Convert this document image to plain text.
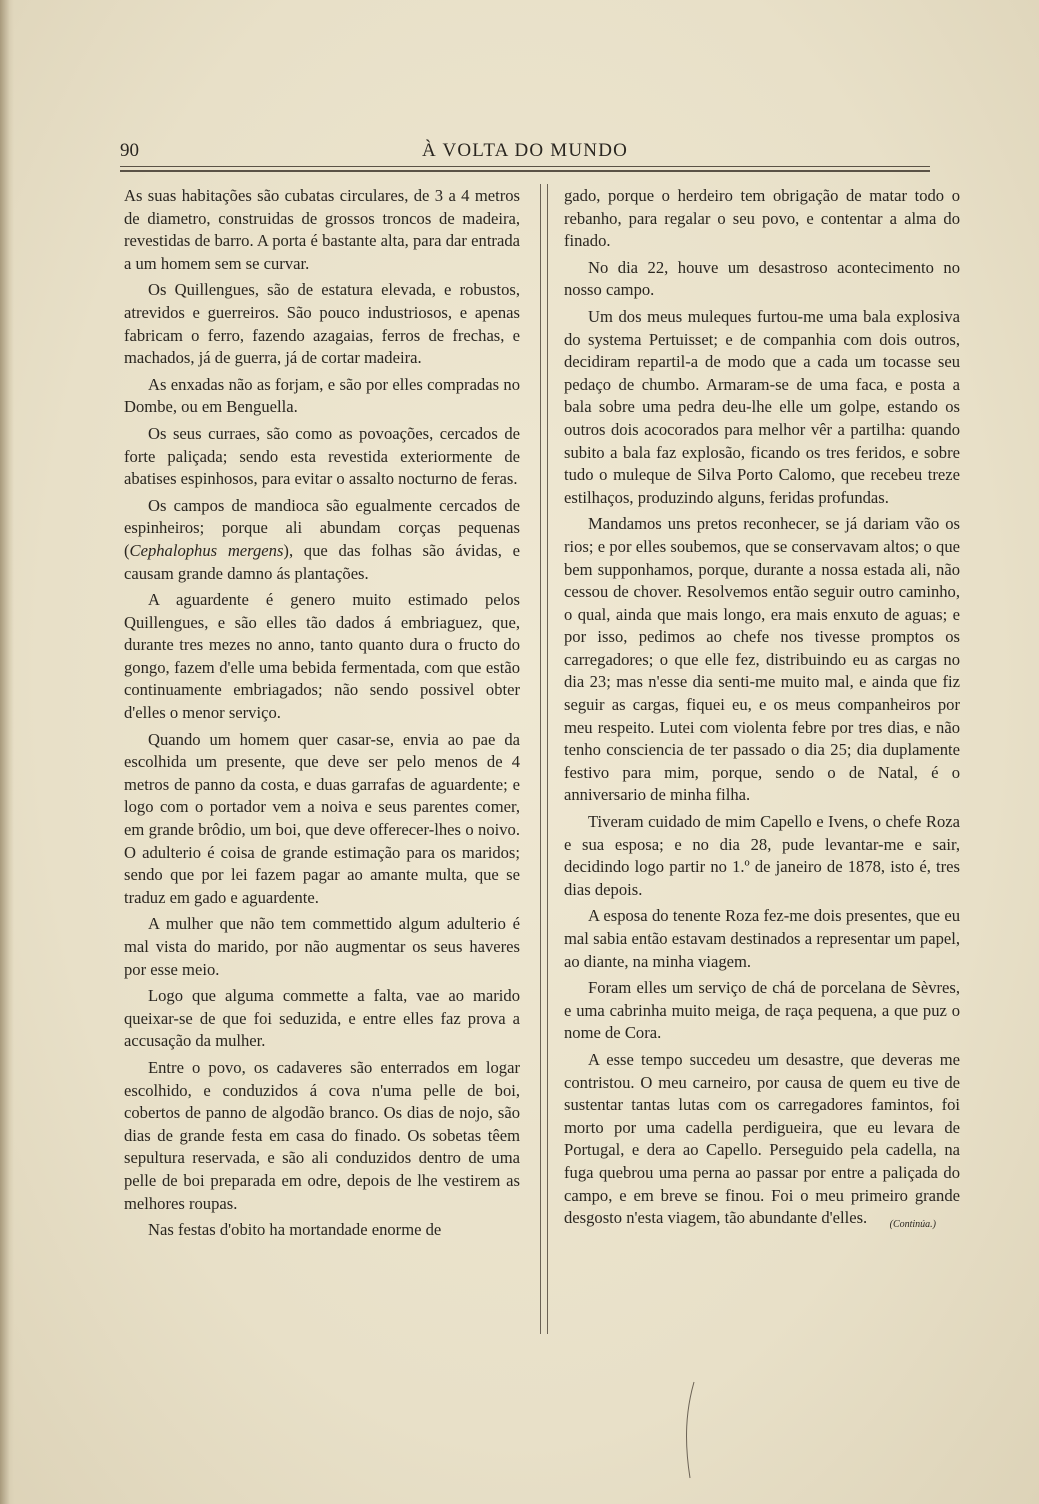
90	À VOLTA DO MUNDO

As suas habitações são cubatas circulares, de 3 a 4 metros de diametro, construidas de grossos troncos de madeira, revestidas de barro. A porta é bastante alta, para dar entrada a um homem sem se curvar.

Os Quillengues, são de estatura elevada, e robustos, atrevidos e guerreiros. São pouco industriosos, e apenas fabricam o ferro, fazendo azagaias, ferros de frechas, e machados, já de guerra, já de cortar madeira.

As enxadas não as forjam, e são por elles compradas no Dombe, ou em Benguella.

Os seus curraes, são como as povoações, cercados de forte paliçada; sendo esta revestida exteriormente de abatises espinhosos, para evitar o assalto nocturno de feras.

Os campos de mandioca são egualmente cercados de espinheiros; porque ali abundam corças pequenas (Cephalophus mergens), que das folhas são ávidas, e causam grande damno ás plantações.

A aguardente é genero muito estimado pelos Quillengues, e são elles tão dados á embriaguez, que, durante tres mezes no anno, tanto quanto dura o fructo do gongo, fazem d'elle uma bebida fermentada, com que estão continuamente embriagados; não sendo possivel obter d'elles o menor serviço.

Quando um homem quer casar-se, envia ao pae da escolhida um presente, que deve ser pelo menos de 4 metros de panno da costa, e duas garrafas de aguardente; e logo com o portador vem a noiva e seus parentes comer, em grande brôdio, um boi, que deve offerecer-lhes o noivo. O adulterio é coisa de grande estimação para os maridos; sendo que por lei fazem pagar ao amante multa, que se traduz em gado e aguardente.

A mulher que não tem commettido algum adulterio é mal vista do marido, por não augmentar os seus haveres por esse meio.

Logo que alguma commette a falta, vae ao marido queixar-se de que foi seduzida, e entre elles faz prova a accusação da mulher.

Entre o povo, os cadaveres são enterrados em logar escolhido, e conduzidos á cova n'uma pelle de boi, cobertos de panno de algodão branco. Os dias de nojo, são dias de grande festa em casa do finado. Os sobetas têem sepultura reservada, e são ali conduzidos dentro de uma pelle de boi preparada em odre, depois de lhe vestirem as melhores roupas.

Nas festas d'obito ha mortandade enorme de

gado, porque o herdeiro tem obrigação de matar todo o rebanho, para regalar o seu povo, e contentar a alma do finado.

No dia 22, houve um desastroso acontecimento no nosso campo.

Um dos meus muleques furtou-me uma bala explosiva do systema Pertuisset; e de companhia com dois outros, decidiram repartil-a de modo que a cada um tocasse seu pedaço de chumbo. Armaram-se de uma faca, e posta a bala sobre uma pedra deu-lhe elle um golpe, estando os outros dois acocorados para melhor vêr a partilha: quando subito a bala faz explosão, ficando os tres feridos, e sobre tudo o muleque de Silva Porto Calomo, que recebeu treze estilhaços, produzindo alguns, feridas profundas.

Mandamos uns pretos reconhecer, se já dariam vão os rios; e por elles soubemos, que se conservavam altos; o que bem supponhamos, porque, durante a nossa estada ali, não cessou de chover. Resolvemos então seguir outro caminho, o qual, ainda que mais longo, era mais enxuto de aguas; e por isso, pedimos ao chefe nos tivesse promptos os carregadores; o que elle fez, distribuindo eu as cargas no dia 23; mas n'esse dia senti-me muito mal, e ainda que fiz seguir as cargas, fiquei eu, e os meus companheiros por meu respeito. Lutei com violenta febre por tres dias, e não tenho consciencia de ter passado o dia 25; dia duplamente festivo para mim, porque, sendo o de Natal, é o anniversario de minha filha.

Tiveram cuidado de mim Capello e Ivens, o chefe Roza e sua esposa; e no dia 28, pude levantar-me e sair, decidindo logo partir no 1.º de janeiro de 1878, isto é, tres dias depois.

A esposa do tenente Roza fez-me dois presentes, que eu mal sabia então estavam destinados a representar um papel, ao diante, na minha viagem.

Foram elles um serviço de chá de porcelana de Sèvres, e uma cabrinha muito meiga, de raça pequena, a que puz o nome de Cora.

A esse tempo succedeu um desastre, que deveras me contristou. O meu carneiro, por causa de quem eu tive de sustentar tantas lutas com os carregadores famintos, foi morto por uma cadella perdigueira, que eu levara de Portugal, e dera ao Capello. Perseguido pela cadella, na fuga quebrou uma perna ao passar por entre a paliçada do campo, e em breve se finou. Foi o meu primeiro grande desgosto n'esta viagem, tão abundante d'elles.	(Continúa.)
